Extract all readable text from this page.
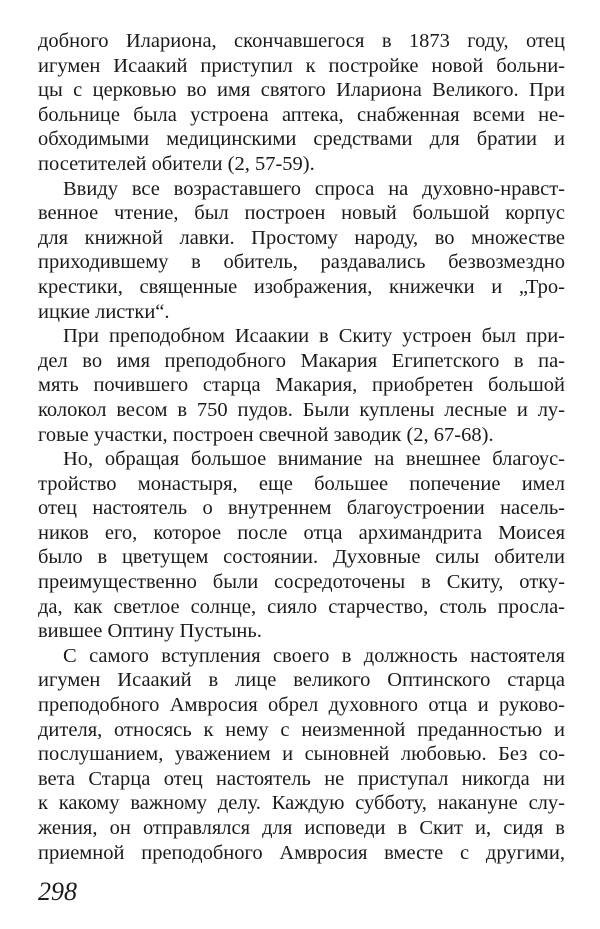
добного Илариона, скончавшегося в 1873 году, отец
игумен Исаакий приступил к постройке новой больни-
цы с церковью во имя святого Илариона Великого. При
больнице была устроена аптека, снабженная всеми не-
обходимыми медицинскими средствами для братии и
посетителей обители (2, 57-59).
Ввиду все возраставшего спроса на духовно-нравст-
венное чтение, был построен новый большой корпус
для книжной лавки. Простому народу, во множестве
приходившему в обитель, раздавались безвозмездно
крестики, священные изображения, книжечки и „Тро-
ицкие листки“.
При преподобном Исаакии в Скиту устроен был при-
дел во имя преподобного Макария Египетского в па-
мять почившего старца Макария, приобретен большой
колокол весом в 750 пудов. Были куплены лесные и лу-
говые участки, построен свечной заводик (2, 67-68).
Но, обращая большое внимание на внешнее благоус-
тройство монастыря, еще большее попечение имел
отец настоятель о внутреннем благоустроении насель-
ников его, которое после отца архимандрита Моисея
было в цветущем состоянии. Духовные силы обители
преимущественно были сосредоточены в Скиту, отку-
да, как светлое солнце, сияло старчество, столь просла-
вившее Оптину Пустынь.
С самого вступления своего в должность настоятеля
игумен Исаакий в лице великого Оптинского старца
преподобного Амвросия обрел духовного отца и руково-
дителя, относясь к нему с неизменной преданностью и
послушанием, уважением и сыновней любовью. Без со-
вета Старца отец настоятель не приступал никогда ни
к какому важному делу. Каждую субботу, накануне слу-
жения, он отправлялся для исповеди в Скит и, сидя в
приемной преподобного Амвросия вместе с другими,
298
